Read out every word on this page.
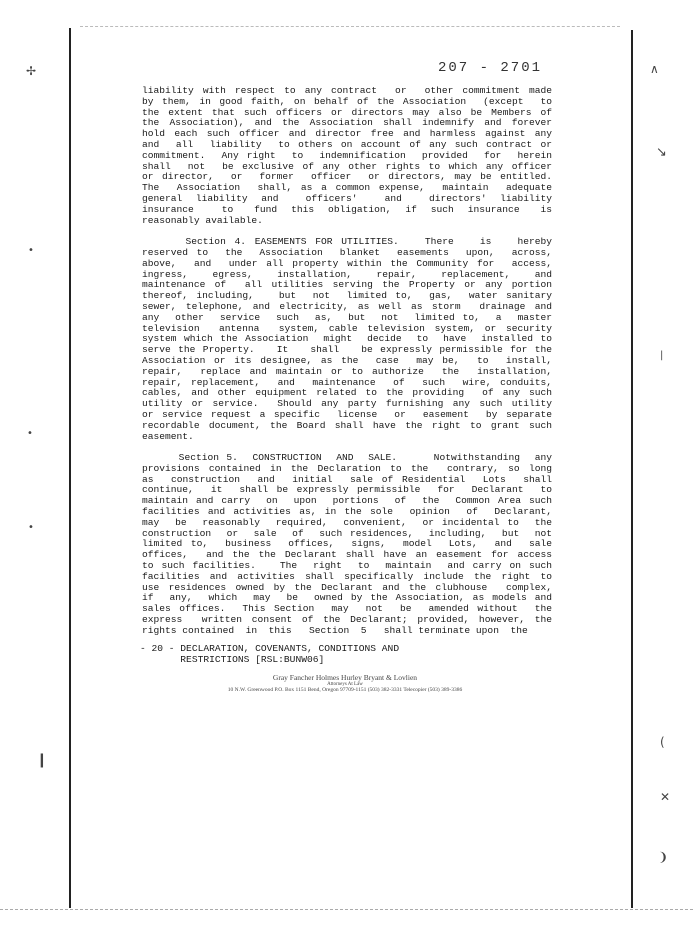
✢
•
•
•
❙
∧
↘
|
(
✕
❩
207 - 2701
liability with respect to any contract  or  other commitment made
by them, in good faith, on behalf of the Association  (except  to
the extent that such officers or directors may also be Members of
the Association), and the Association shall indemnify and forever
hold each such officer and director free and harmless against any
and  all  liability  to others on account of any such contract or
commitment.  Any right  to  indemnification  provided  for  herein
shall  not  be exclusive of any other rights to which any officer
or director,  or  former  officer  or directors, may be entitled.
The  Association  shall, as a common expense,  maintain  adequate
general  liability  and    officers'    and    directors'  liability
insurance    to   fund  this  obligation,  if  such  insurance   is
reasonably available.
Section 4. EASEMENTS FOR UTILITIES.   There   is   hereby
reserved to  the  Association  blanket  easements  upon,  across,
above,  and  under all property within the Community for  access,
ingress,   egress,   installation,   repair,   replacement,   and
maintenance of  all utilities serving the Property or any portion
thereof, including,   but  not  limited to,  gas,  water sanitary
sewer, telephone, and electricity, as well as storm  drainage and
any  other  service  such  as,  but  not  limited to,  a  master
television  antenna  system, cable television system, or security
system which the Association  might  decide  to  have  installed to
serve the Property.   It   shall   be expressly permissible for the
Association or its designee, as the  case  may be,  to  install,
repair,  replace and maintain or to authorize  the  installation,
repair, replacement,  and  maintenance  of  such  wire, conduits,
cables, and other equipment related to the providing  of any such
utility or service.  Should any party furnishing any such utility
or service request a specific  license  or  easement  by separate
recordable document, the Board shall have the right to grant such
easement.
Section 5.  CONSTRUCTION  AND  SALE.     Notwithstanding  any
provisions contained in the Declaration to the  contrary, so long
as  construction  and  initial  sale of Residential  Lots  shall
continue,  it  shall be expressly permissible  for  Declarant  to
maintain and carry  on  upon  portions  of  the  Common Area such
facilities and activities as, in the sole  opinion  of  Declarant,
may  be  reasonably  required,  convenient,  or incidental to  the
construction  or  sale  of  such residences,  including,  but  not
limited to,  business  offices,  signs,  model  Lots,  and  sale
offices,  and the the Declarant shall have an easement for access
to such facilities.   The  right  to  maintain  and carry on such
facilities and activities shall specifically include the right to
use residences owned by the Declarant and the clubhouse  complex,
if  any,  which  may  be  owned by the Association, as models and
sales offices.  This Section  may  not  be  amended without  the
express  written consent of the Declarant; provided, however, the
rights contained  in  this   Section  5   shall terminate upon  the
- 20 - DECLARATION, COVENANTS, CONDITIONS AND
RESTRICTIONS [RSL:BUNW06]
Gray Fancher Holmes Hurley Bryant & Lovlien
Attorneys At Law
10 N.W. Greenwood P.O. Box 1151 Bend, Oregon 97709-1151 (503) 382-3331 Telecopier (503) 389-3386
